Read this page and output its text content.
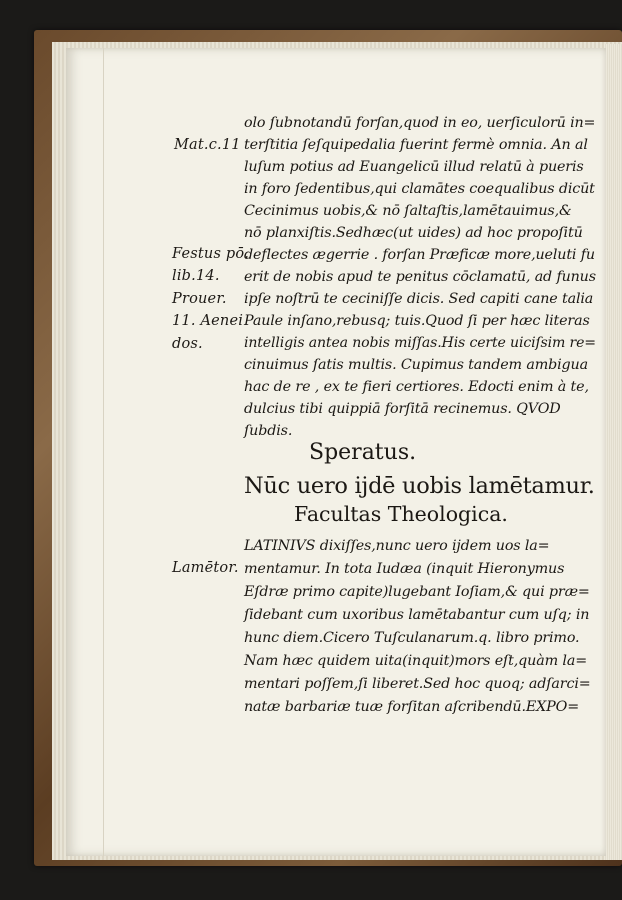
Mat.c.11
Festus pō.
lib.14.
Prouer.
11. Aenei
dos.
Lamētor.
olo ſubnotandū forſan,quod in eo, uerſiculorū in=
terſtitia ſeſquipedalia fuerint fermè omnia. An al
luſum potius ad Euangelicū illud relatū à pueris
in foro ſedentibus,qui clamātes coequalibus dicūt
Cecinimus uobis,& nō ſaltaſtis,lamētauimus,&
nō planxiſtis.Sedhæc(ut uides) ad hoc propoſitū
deflectes ægerrie . forſan Præficæ more,ueluti fu
erit de nobis apud te penitus cōclamatū, ad funus
ipſe noſtrū te ceciniſſe dicis. Sed capiti cane talia
Paule inſano,rebusq; tuis.Quod ſi per hæc literas
intelligis antea nobis miſſas.His certe uiciſsim re=
cinuimus ſatis multis. Cupimus tandem ambigua
hac de re , ex te fieri certiores. Edocti enim à te,
dulcius tibi quippiā forſitā recinemus. QVOD
ſubdis.
Speratus.
Nūc uero ijdē uobis lamētamur.
Facultas Theologica.
LATINIVS dixiſſes,nunc uero ijdem uos la=
mentamur. In tota Iudæa (inquit Hieronymus
Eſdræ primo capite)lugebant Ioſiam,& qui præ=
ſidebant cum uxoribus lamētabantur cum uſq; in
hunc diem.Cicero Tuſculanarum.q. libro primo.
Nam hæc quidem uita(inquit)mors eſt,quàm la=
mentari poſſem,ſi liberet.Sed hoc quoq; adſarci=
natæ barbariæ tuæ forſitan aſcribendū.EXPO=
